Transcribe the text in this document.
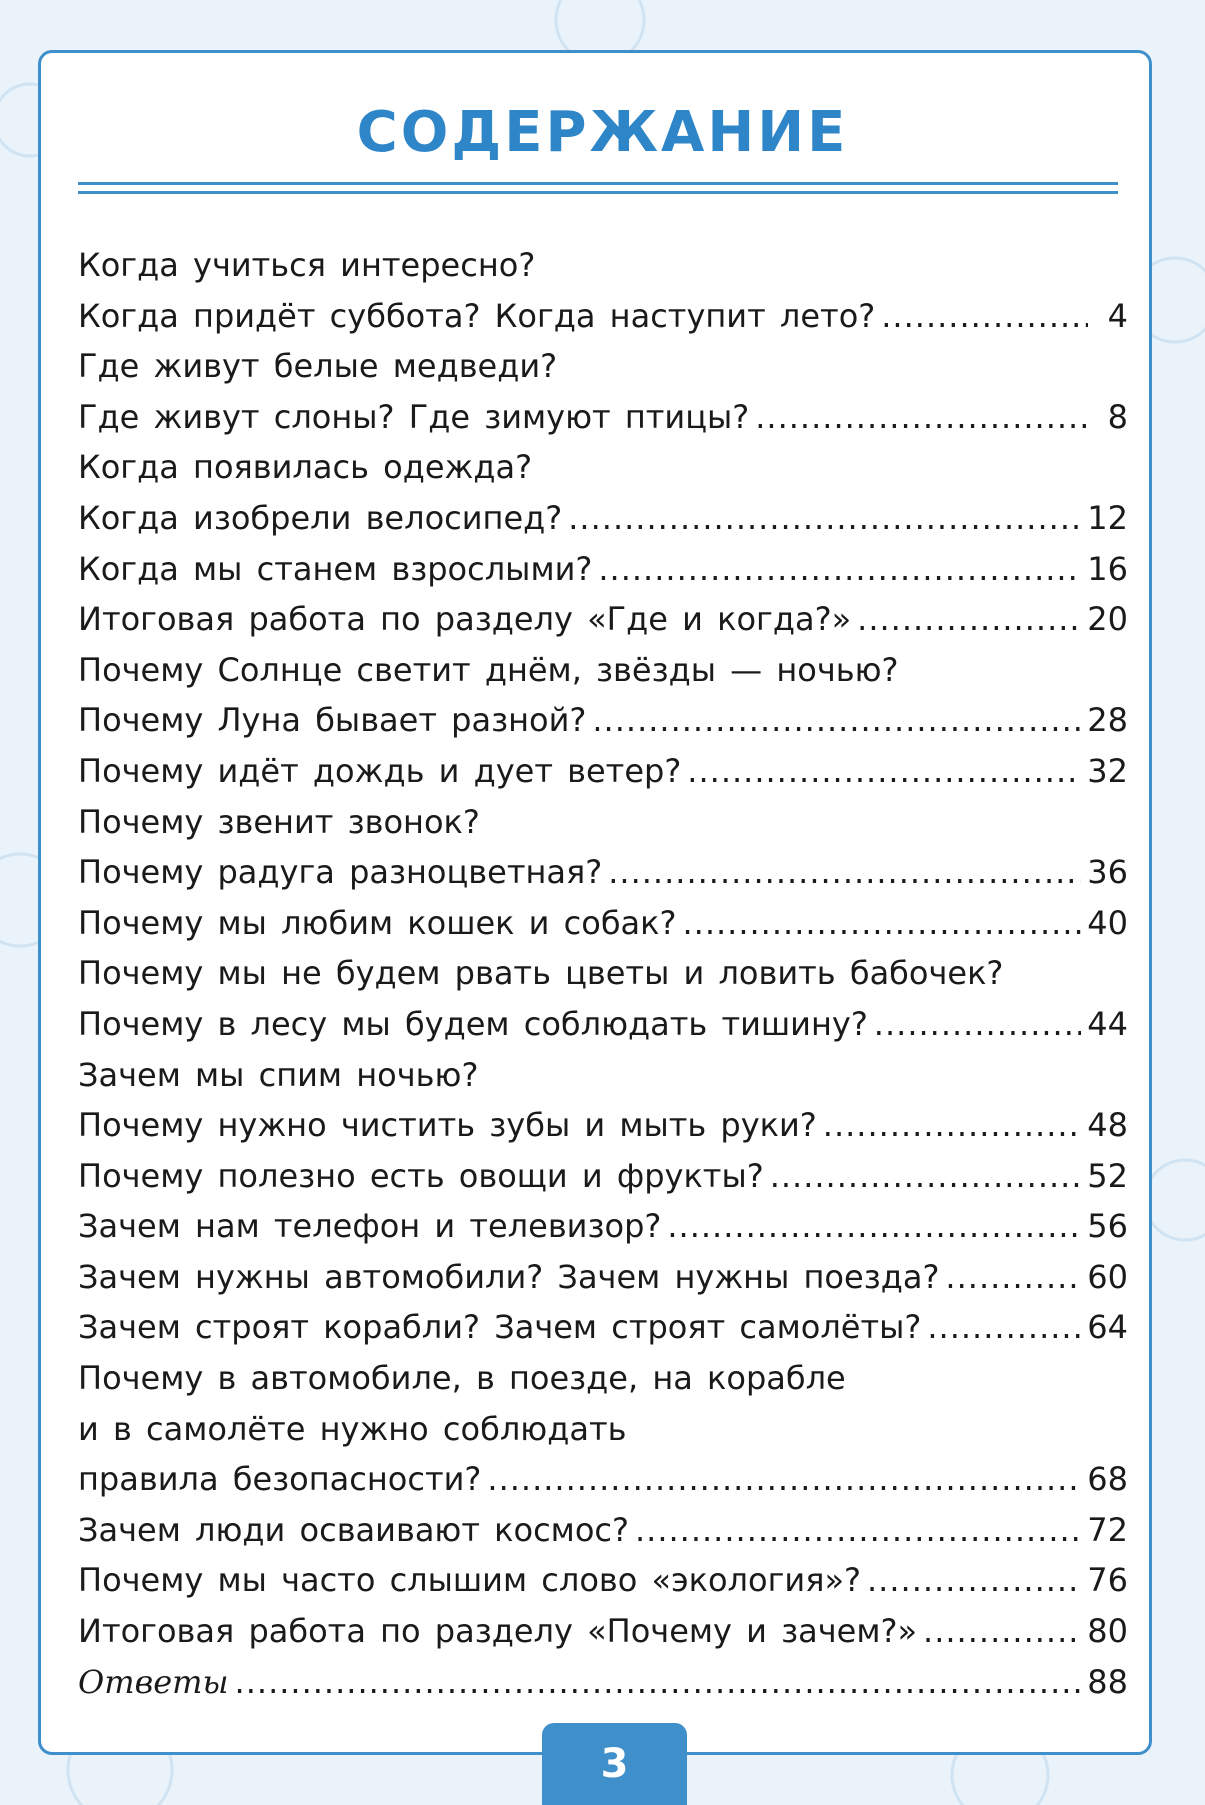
СОДЕРЖАНИЕ
Когда учиться интересно?
Когда придёт суббота? Когда наступит лето? .....	4
Где живут белые медведи?
Где живут слоны? Где зимуют птицы? .....	8
Когда появилась одежда?
Когда изобрели велосипед? .....	12
Когда мы станем взрослыми? .....	16
Итоговая работа по разделу «Где и когда?» .....	20
Почему Солнце светит днём, звёзды — ночью?
Почему Луна бывает разной? .....	28
Почему идёт дождь и дует ветер? .....	32
Почему звенит звонок?
Почему радуга разноцветная? .....	36
Почему мы любим кошек и собак? .....	40
Почему мы не будем рвать цветы и ловить бабочек?
Почему в лесу мы будем соблюдать тишину? .....	44
Зачем мы спим ночью?
Почему нужно чистить зубы и мыть руки? .....	48
Почему полезно есть овощи и фрукты? .....	52
Зачем нам телефон и телевизор? .....	56
Зачем нужны автомобили? Зачем нужны поезда? .....	60
Зачем строят корабли? Зачем строят самолёты? .....	64
Почему в автомобиле, в поезде, на корабле
и в самолёте нужно соблюдать
правила безопасности? .....	68
Зачем люди осваивают космос? .....	72
Почему мы часто слышим слово «экология»? .....	76
Итоговая работа по разделу «Почему и зачем?» .....	80
Ответы .....	88
3
